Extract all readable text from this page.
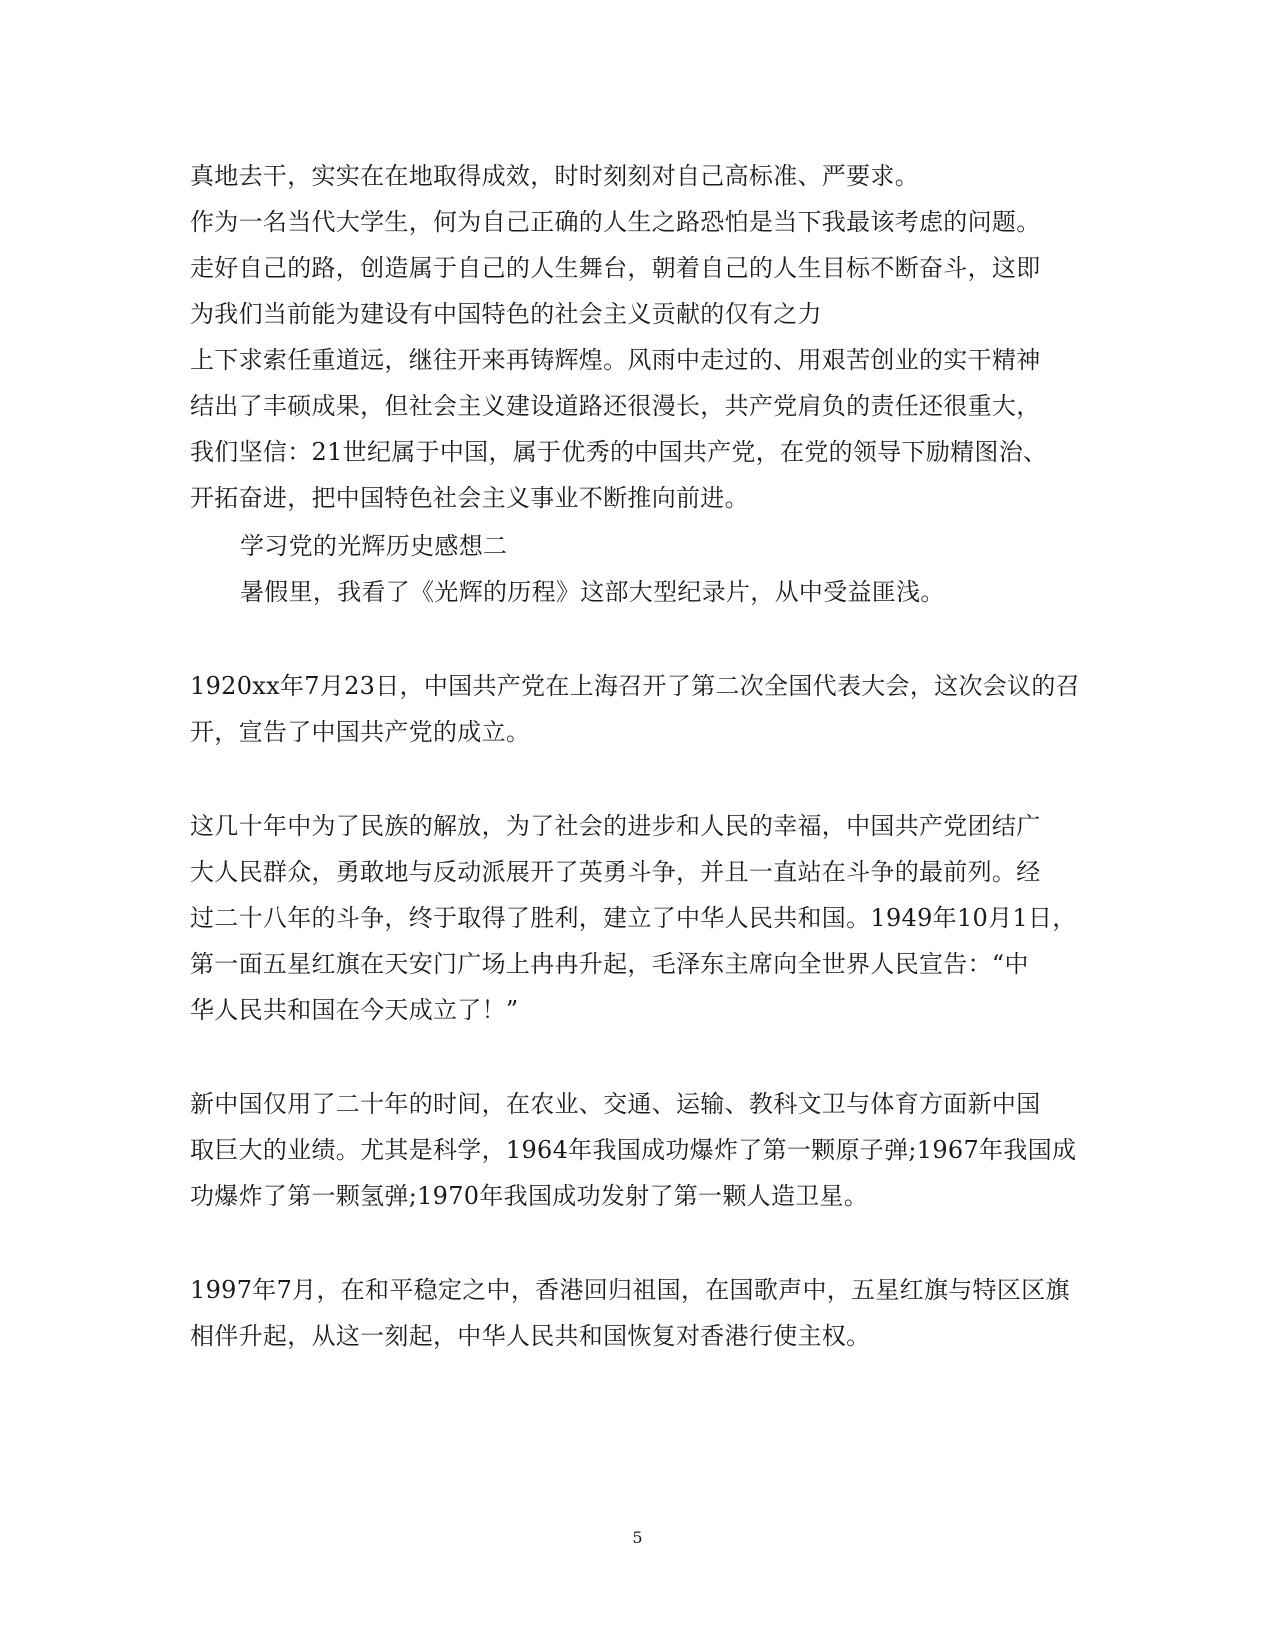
真地去干，实实在在地取得成效，时时刻刻对自己高标准、严要求。
作为一名当代大学生，何为自己正确的人生之路恐怕是当下我最该考虑的问题。
走好自己的路，创造属于自己的人生舞台，朝着自己的人生目标不断奋斗，这即
为我们当前能为建设有中国特色的社会主义贡献的仅有之力
上下求索任重道远，继往开来再铸辉煌。风雨中走过的、用艰苦创业的实干精神
结出了丰硕成果，但社会主义建设道路还很漫长，共产党肩负的责任还很重大，
我们坚信：21世纪属于中国，属于优秀的中国共产党，在党的领导下励精图治、
开拓奋进，把中国特色社会主义事业不断推向前进。
学习党的光辉历史感想二
暑假里，我看了《光辉的历程》这部大型纪录片，从中受益匪浅。
1920xx年7月23日，中国共产党在上海召开了第二次全国代表大会，这次会议的召
开，宣告了中国共产党的成立。
这几十年中为了民族的解放，为了社会的进步和人民的幸福，中国共产党团结广
大人民群众，勇敢地与反动派展开了英勇斗争，并且一直站在斗争的最前列。经
过二十八年的斗争，终于取得了胜利，建立了中华人民共和国。1949年10月1日，
第一面五星红旗在天安门广场上冉冉升起，毛泽东主席向全世界人民宣告：“中
华人民共和国在今天成立了！”
新中国仅用了二十年的时间，在农业、交通、运输、教科文卫与体育方面新中国
取巨大的业绩。尤其是科学，1964年我国成功爆炸了第一颗原子弹;1967年我国成
功爆炸了第一颗氢弹;1970年我国成功发射了第一颗人造卫星。
1997年7月，在和平稳定之中，香港回归祖国，在国歌声中，五星红旗与特区区旗
相伴升起，从这一刻起，中华人民共和国恢复对香港行使主权。
5
